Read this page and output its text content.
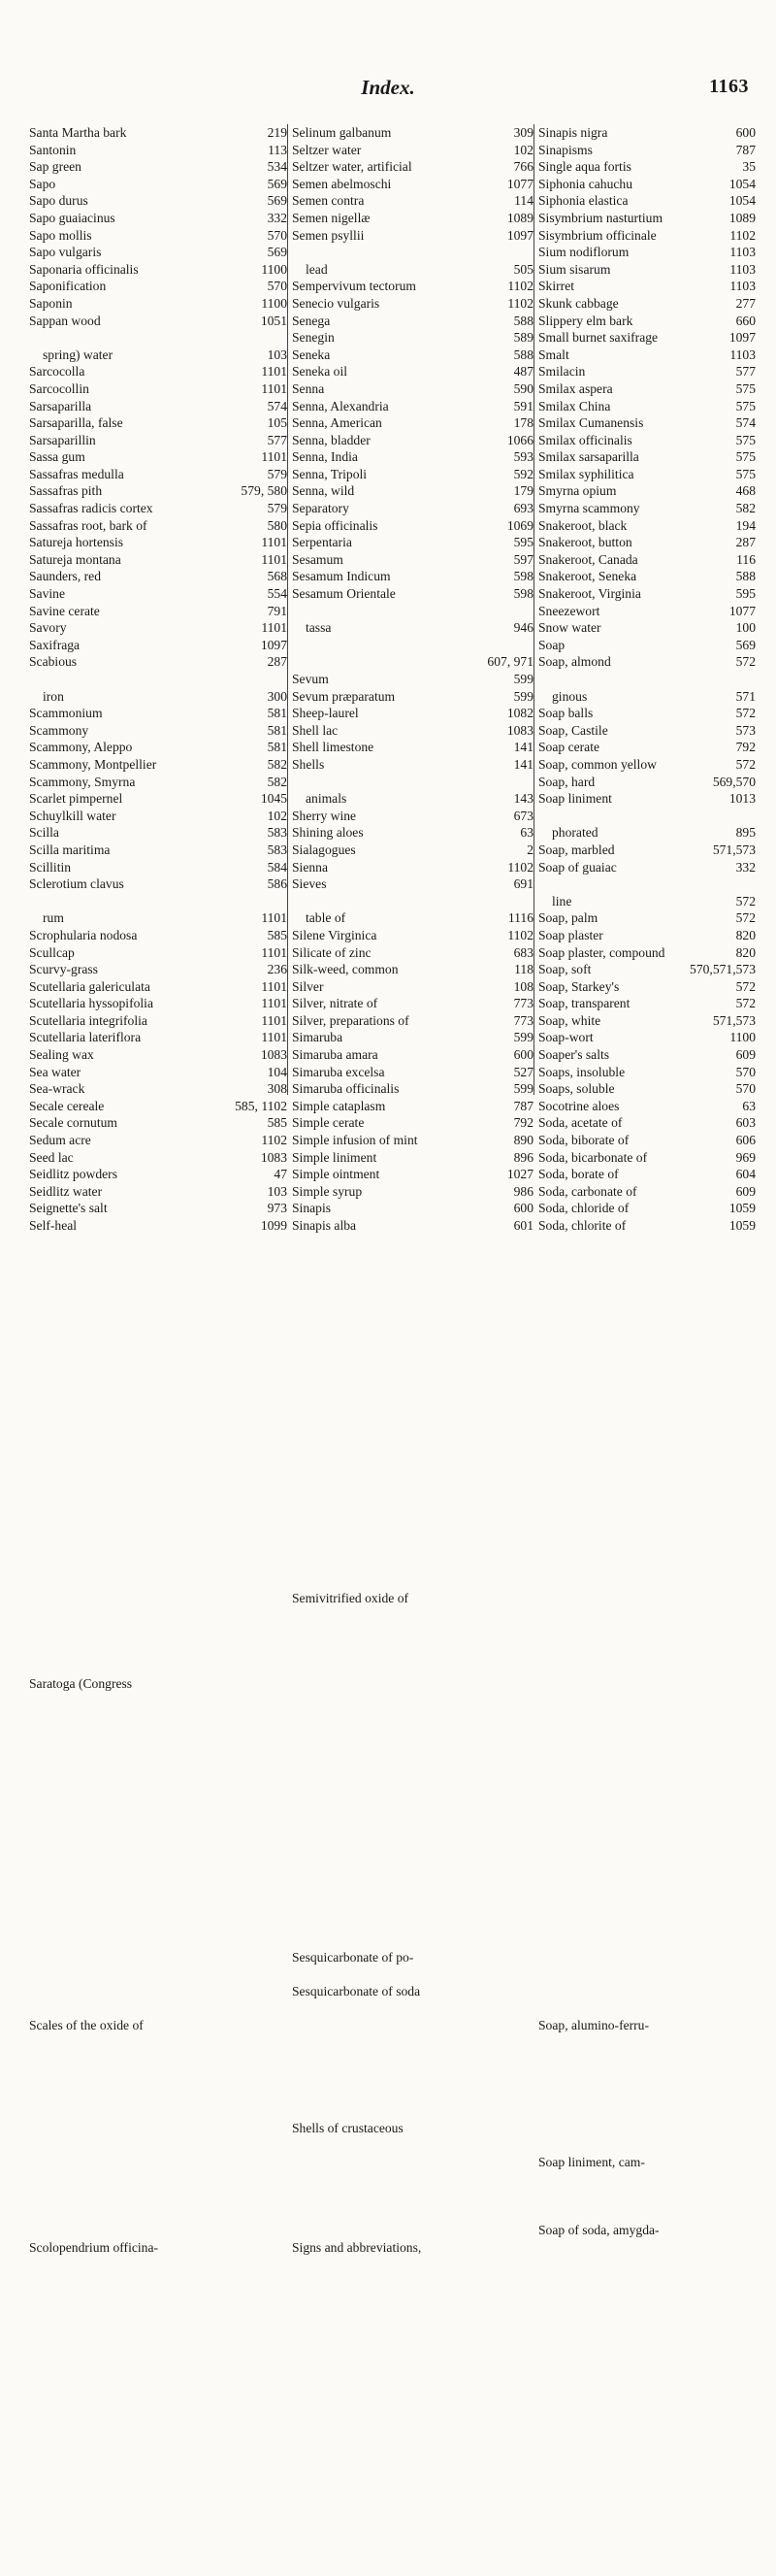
Index.	1163
Santa Martha bark	219
Santonin	113
Sap green	534
Sapo	569
Sapo durus	569
Sapo guaiacinus	332
Sapo mollis	570
Sapo vulgaris	569
Saponaria officinalis	1100
Saponification	570
Saponin	1100
Sappan wood	1051
Saratoga (Congress
spring) water	103
Sarcocolla	1101
Sarcocollin	1101
Sarsaparilla	574
Sarsaparilla, false	105
Sarsaparillin	577
Sassa gum	1101
Sassafras medulla	579
Sassafras pith	579, 580
Sassafras radicis cortex	579
Sassafras root, bark of	580
Satureja hortensis	1101
Satureja montana	1101
Saunders, red	568
Savine	554
Savine cerate	791
Savory	1101
Saxifraga	1097
Scabious	287
Scales of the oxide of
iron	300
Scammonium	581
Scammony	581
Scammony, Aleppo	581
Scammony, Montpellier	582
Scammony, Smyrna	582
Scarlet pimpernel	1045
Schuylkill water	102
Scilla	583
Scilla maritima	583
Scillitin	584
Sclerotium clavus	586
Scolopendrium officina-
rum	1101
Scrophularia nodosa	585
Scullcap	1101
Scurvy-grass	236
Scutellaria galericulata	1101
Scutellaria hyssopifolia	1101
Scutellaria integrifolia	1101
Scutellaria lateriflora	1101
Sealing wax	1083
Sea water	104
Sea-wrack	308
Secale cereale	585, 1102
Secale cornutum	585
Sedum acre	1102
Seed lac	1083
Seidlitz powders	47
Seidlitz water	103
Seignette's salt	973
Self-heal	1099
Selinum galbanum	309
Seltzer water	102
Seltzer water, artificial	766
Semen abelmoschi	1077
Semen contra	114
Semen nigellæ	1089
Semen psyllii	1097
Semivitrified oxide of
lead	505
Sempervivum tectorum	1102
Senecio vulgaris	1102
Senega	588
Senegin	589
Seneka	588
Seneka oil	487
Senna	590
Senna, Alexandria	591
Senna, American	178
Senna, bladder	1066
Senna, India	593
Senna, Tripoli	592
Senna, wild	179
Separatory	693
Sepia officinalis	1069
Serpentaria	595
Sesamum	597
Sesamum Indicum	598
Sesamum Orientale	598
Sesquicarbonate of po-
tassa	946
Sesquicarbonate of soda
607, 971
Sevum	599
Sevum præparatum	599
Sheep-laurel	1082
Shell lac	1083
Shell limestone	141
Shells	141
Shells of crustaceous
animals	143
Sherry wine	673
Shining aloes	63
Sialagogues	2
Sienna	1102
Sieves	691
Signs and abbreviations,
table of	1116
Silene Virginica	1102
Silicate of zinc	683
Silk-weed, common	118
Silver	108
Silver, nitrate of	773
Silver, preparations of	773
Simaruba	599
Simaruba amara	600
Simaruba excelsa	527
Simaruba officinalis	599
Simple cataplasm	787
Simple cerate	792
Simple infusion of mint	890
Simple liniment	896
Simple ointment	1027
Simple syrup	986
Sinapis	600
Sinapis alba	601
Sinapis nigra	600
Sinapisms	787
Single aqua fortis	35
Siphonia cahuchu	1054
Siphonia elastica	1054
Sisymbrium nasturtium	1089
Sisymbrium officinale	1102
Sium nodiflorum	1103
Sium sisarum	1103
Skirret	1103
Skunk cabbage	277
Slippery elm bark	660
Small burnet saxifrage	1097
Smalt	1103
Smilacin	577
Smilax aspera	575
Smilax China	575
Smilax Cumanensis	574
Smilax officinalis	575
Smilax sarsaparilla	575
Smilax syphilitica	575
Smyrna opium	468
Smyrna scammony	582
Snakeroot, black	194
Snakeroot, button	287
Snakeroot, Canada	116
Snakeroot, Seneka	588
Snakeroot, Virginia	595
Sneezewort	1077
Snow water	100
Soap	569
Soap, almond	572
Soap, alumino-ferru-
ginous	571
Soap balls	572
Soap, Castile	573
Soap cerate	792
Soap, common yellow	572
Soap, hard	569,570
Soap liniment	1013
Soap liniment, cam-
phorated	895
Soap, marbled	571,573
Soap of guaiac	332
Soap of soda, amygda-
line	572
Soap, palm	572
Soap plaster	820
Soap plaster, compound	820
Soap, soft	570,571,573
Soap, Starkey's	572
Soap, transparent	572
Soap, white	571,573
Soap-wort	1100
Soaper's salts	609
Soaps, insoluble	570
Soaps, soluble	570
Socotrine aloes	63
Soda, acetate of	603
Soda, biborate of	606
Soda, bicarbonate of	969
Soda, borate of	604
Soda, carbonate of	609
Soda, chloride of	1059
Soda, chlorite of	1059
